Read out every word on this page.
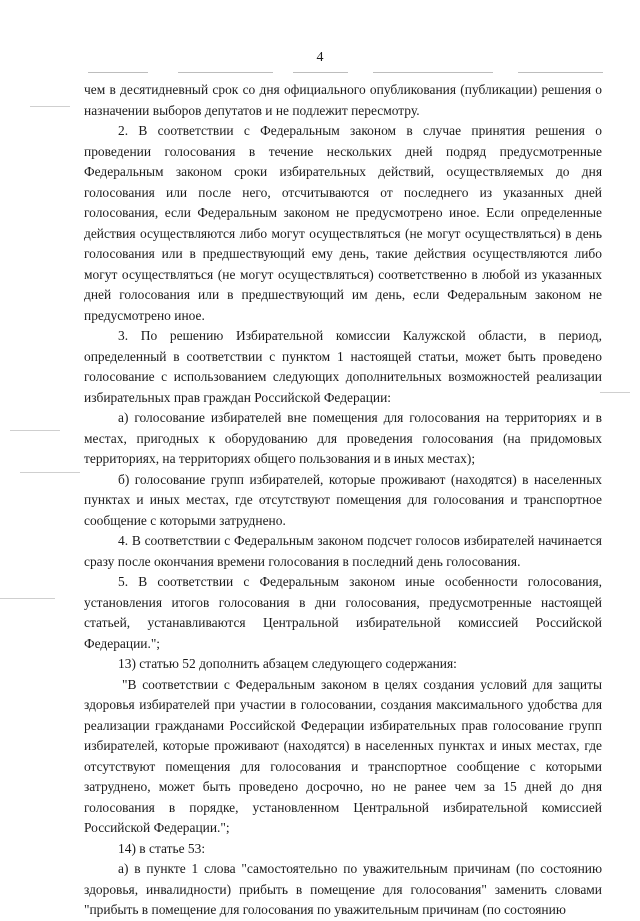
4

чем в десятидневный срок со дня официального опубликования (публикации) решения о назначении выборов депутатов и не подлежит пересмотру.

2. В соответствии с Федеральным законом в случае принятия решения о проведении голосования в течение нескольких дней подряд предусмотренные Федеральным законом сроки избирательных действий, осуществляемых до дня голосования или после него, отсчитываются от последнего из указанных дней голосования, если Федеральным законом не предусмотрено иное. Если определенные действия осуществляются либо могут осуществляться (не могут осуществляться) в день голосования или в предшествующий ему день, такие действия осуществляются либо могут осуществляться (не могут осуществляться) соответственно в любой из указанных дней голосования или в предшествующий им день, если Федеральным законом не предусмотрено иное.

3. По решению Избирательной комиссии Калужской области, в период, определенный в соответствии с пунктом 1 настоящей статьи, может быть проведено голосование с использованием следующих дополнительных возможностей реализации избирательных прав граждан Российской Федерации:

а) голосование избирателей вне помещения для голосования на территориях и в местах, пригодных к оборудованию для проведения голосования (на придомовых территориях, на территориях общего пользования и в иных местах);

б) голосование групп избирателей, которые проживают (находятся) в населенных пунктах и иных местах, где отсутствуют помещения для голосования и транспортное сообщение с которыми затруднено.

4. В соответствии с Федеральным законом подсчет голосов избирателей начинается сразу после окончания времени голосования в последний день голосования.

5. В соответствии с Федеральным законом иные особенности голосования, установления итогов голосования в дни голосования, предусмотренные настоящей статьей, устанавливаются Центральной избирательной комиссией Российской Федерации.";

13) статью 52 дополнить абзацем следующего содержания:

"В соответствии с Федеральным законом в целях создания условий для защиты здоровья избирателей при участии в голосовании, создания максимального удобства для реализации гражданами Российской Федерации избирательных прав голосование групп избирателей, которые проживают (находятся) в населенных пунктах и иных местах, где отсутствуют помещения для голосования и транспортное сообщение с которыми затруднено, может быть проведено досрочно, но не ранее чем за 15 дней до дня голосования в порядке, установленном Центральной избирательной комиссией Российской Федерации.";

14) в статье 53:

а) в пункте 1 слова "самостоятельно по уважительным причинам (по состоянию здоровья, инвалидности) прибыть в помещение для голосования" заменить словами "прибыть в помещение для голосования по уважительным причинам (по состоянию
